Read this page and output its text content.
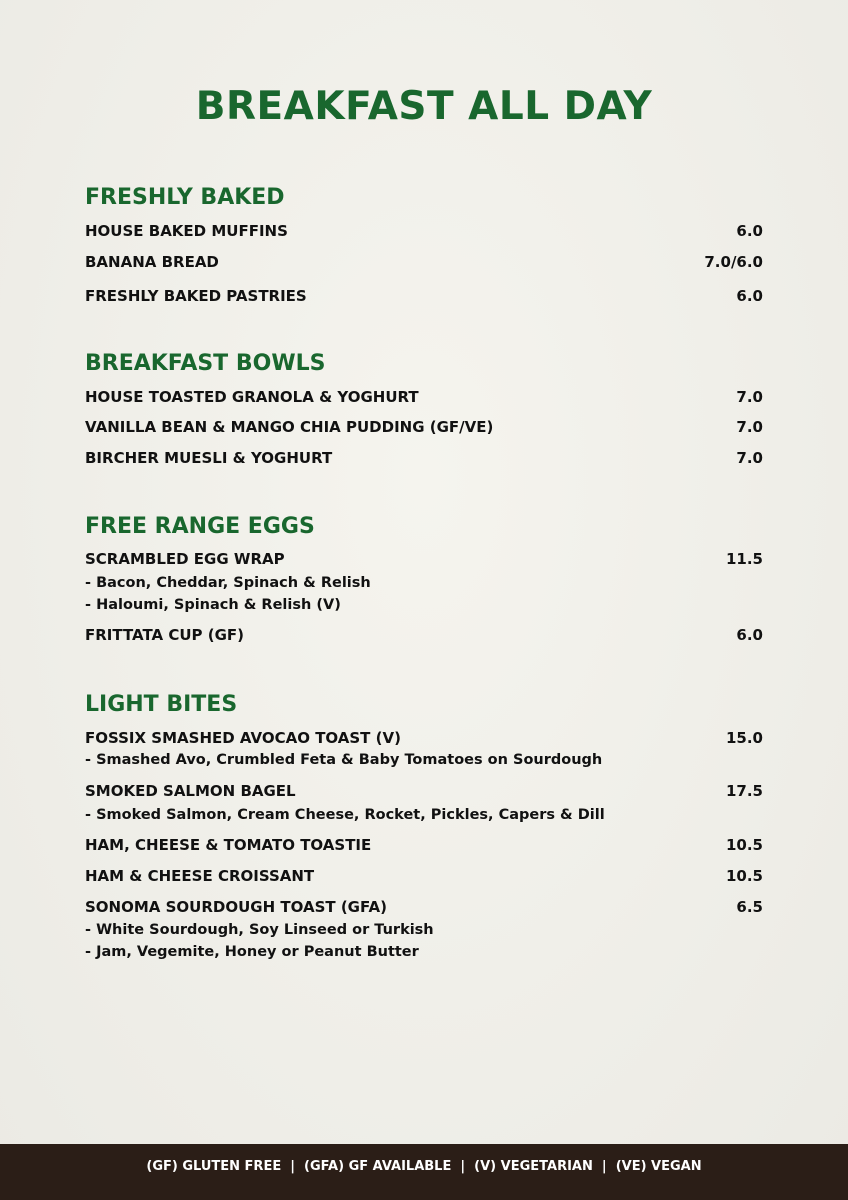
BREAKFAST ALL DAY
FRESHLY BAKED
HOUSE BAKED MUFFINS	6.0
BANANA BREAD	7.0/6.0
FRESHLY BAKED PASTRIES	6.0
BREAKFAST BOWLS
HOUSE TOASTED GRANOLA & YOGHURT	7.0
VANILLA BEAN & MANGO CHIA PUDDING (GF/VE)	7.0
BIRCHER MUESLI & YOGHURT	7.0
FREE RANGE EGGS
SCRAMBLED EGG WRAP	11.5
- Bacon, Cheddar, Spinach & Relish
- Haloumi, Spinach & Relish (V)
FRITTATA CUP (GF)	6.0
LIGHT BITES
FOSSIX SMASHED AVOCAO TOAST (V)	15.0
- Smashed Avo, Crumbled Feta & Baby Tomatoes on Sourdough
SMOKED SALMON BAGEL	17.5
- Smoked Salmon, Cream Cheese, Rocket, Pickles, Capers & Dill
HAM, CHEESE & TOMATO TOASTIE	10.5
HAM & CHEESE CROISSANT	10.5
SONOMA SOURDOUGH TOAST (GFA)	6.5
- White Sourdough, Soy Linseed or Turkish
- Jam, Vegemite, Honey or Peanut Butter
(GF) GLUTEN FREE  |  (GFA) GF AVAILABLE  |  (V) VEGETARIAN  |  (VE) VEGAN
